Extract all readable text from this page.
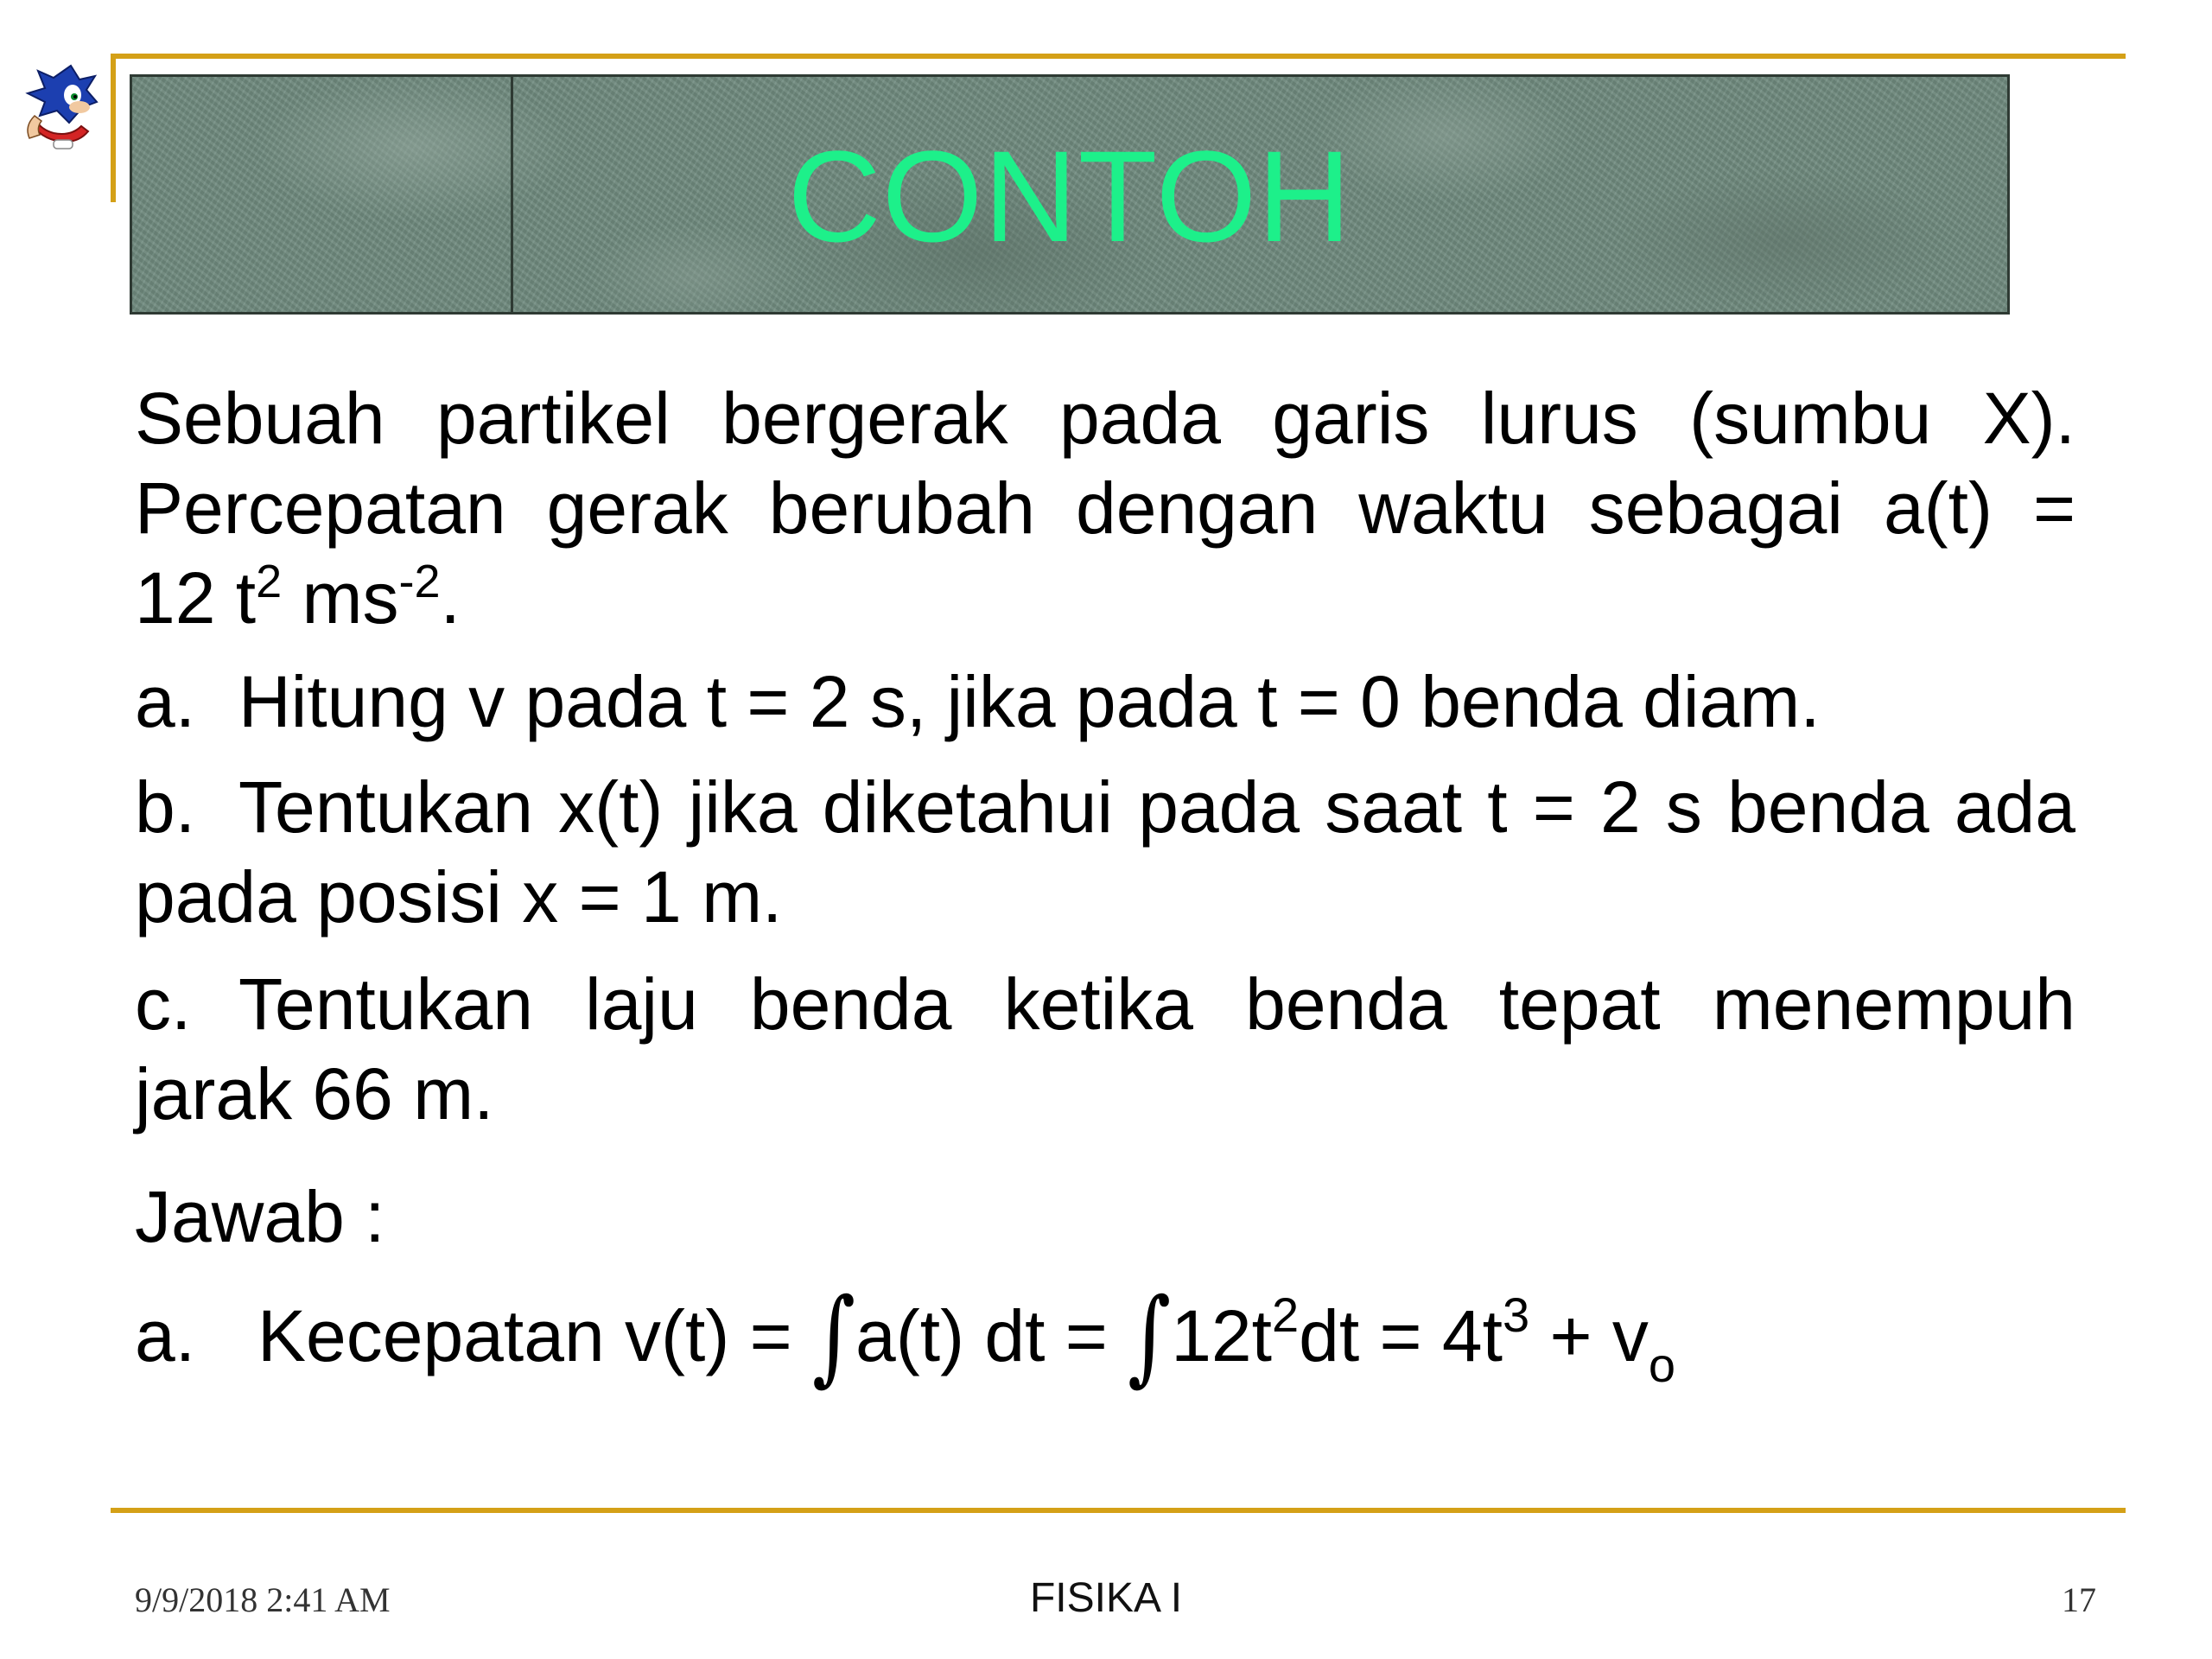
CONTOH
Sebuah partikel bergerak pada garis lurus (sumbu X).
Percepatan gerak berubah dengan waktu sebagai a(t) =
12 $t^2$ $ms^{-2}$.
a. Hitung v pada t = 2 s, jika pada t = 0 benda diam.
b. Tentukan x(t) jika diketahui pada saat t = 2 s benda ada
pada posisi x = 1 m.
c. Tentukan laju benda ketika benda tepat menempuh
jarak 66 m.
Jawab :
a. Kecepatan v(t) = ∫a(t) dt = $\int 12t^2dt = 4t^3 + v_o$
9/9/2018 2:41 AM	FISIKA I	17
